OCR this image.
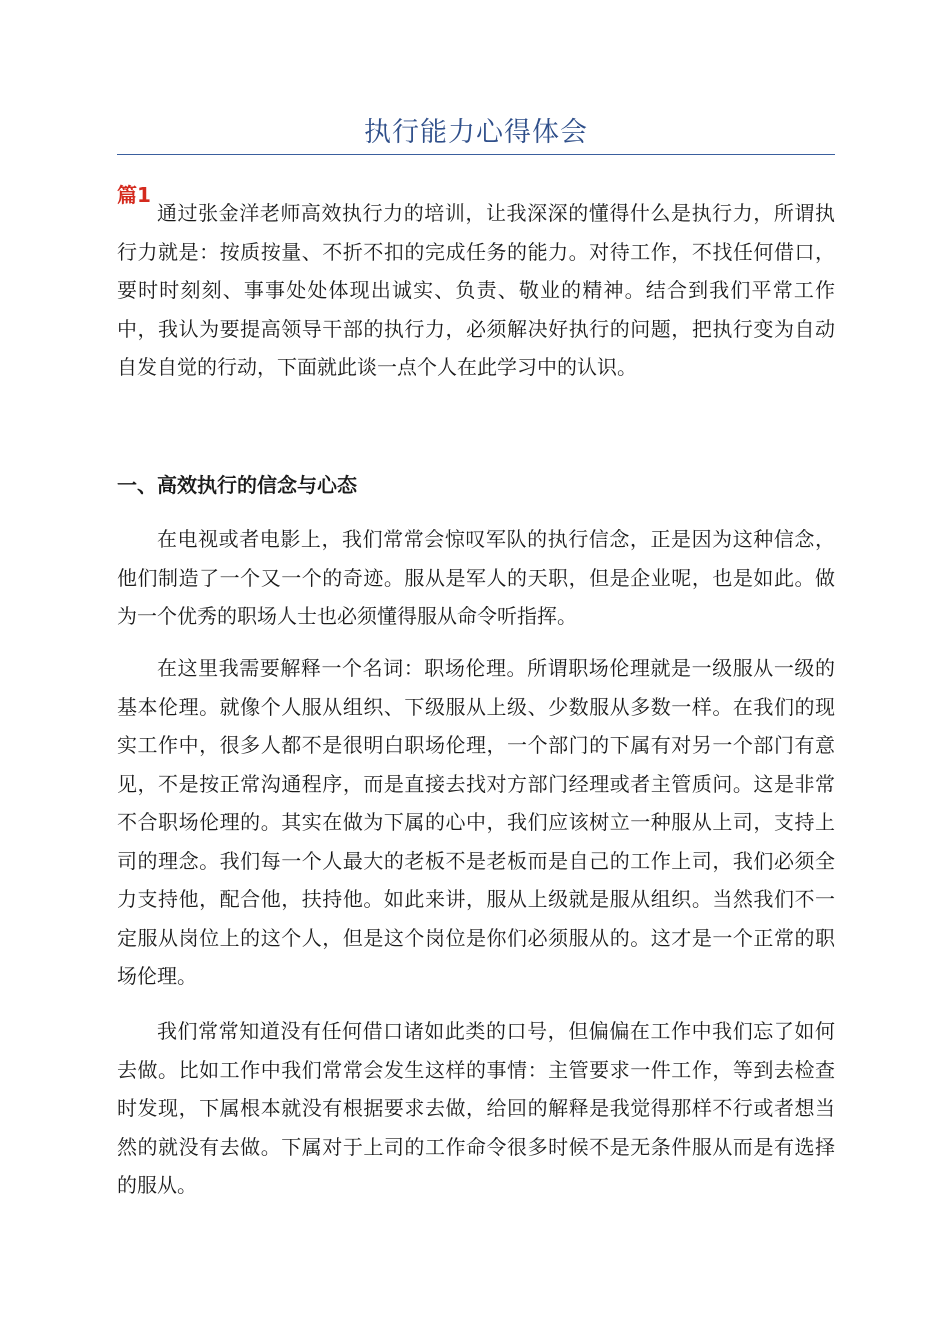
执行能力心得体会
篇1

通过张金洋老师高效执行力的培训，让我深深的懂得什么是执行力，所谓执行力就是：按质按量、不折不扣的完成任务的能力。对待工作，不找任何借口，要时时刻刻、事事处处体现出诚实、负责、敬业的精神。结合到我们平常工作中，我认为要提高领导干部的执行力，必须解决好执行的问题，把执行变为自动自发自觉的行动，下面就此谈一点个人在此学习中的认识。

一、高效执行的信念与心态

在电视或者电影上，我们常常会惊叹军队的执行信念，正是因为这种信念，他们制造了一个又一个的奇迹。服从是军人的天职，但是企业呢，也是如此。做为一个优秀的职场人士也必须懂得服从命令听指挥。

在这里我需要解释一个名词：职场伦理。所谓职场伦理就是一级服从一级的基本伦理。就像个人服从组织、下级服从上级、少数服从多数一样。在我们的现实工作中，很多人都不是很明白职场伦理，一个部门的下属有对另一个部门有意见，不是按正常沟通程序，而是直接去找对方部门经理或者主管质问。这是非常不合职场伦理的。其实在做为下属的心中，我们应该树立一种服从上司，支持上司的理念。我们每一个人最大的老板不是老板而是自己的工作上司，我们必须全力支持他，配合他，扶持他。如此来讲，服从上级就是服从组织。当然我们不一定服从岗位上的这个人，但是这个岗位是你们必须服从的。这才是一个正常的职场伦理。

我们常常知道没有任何借口诸如此类的口号，但偏偏在工作中我们忘了如何去做。比如工作中我们常常会发生这样的事情：主管要求一件工作，等到去检查时发现，下属根本就没有根据要求去做，给回的解释是我觉得那样不行或者想当然的就没有去做。下属对于上司的工作命令很多时候不是无条件服从而是有选择的服从。
